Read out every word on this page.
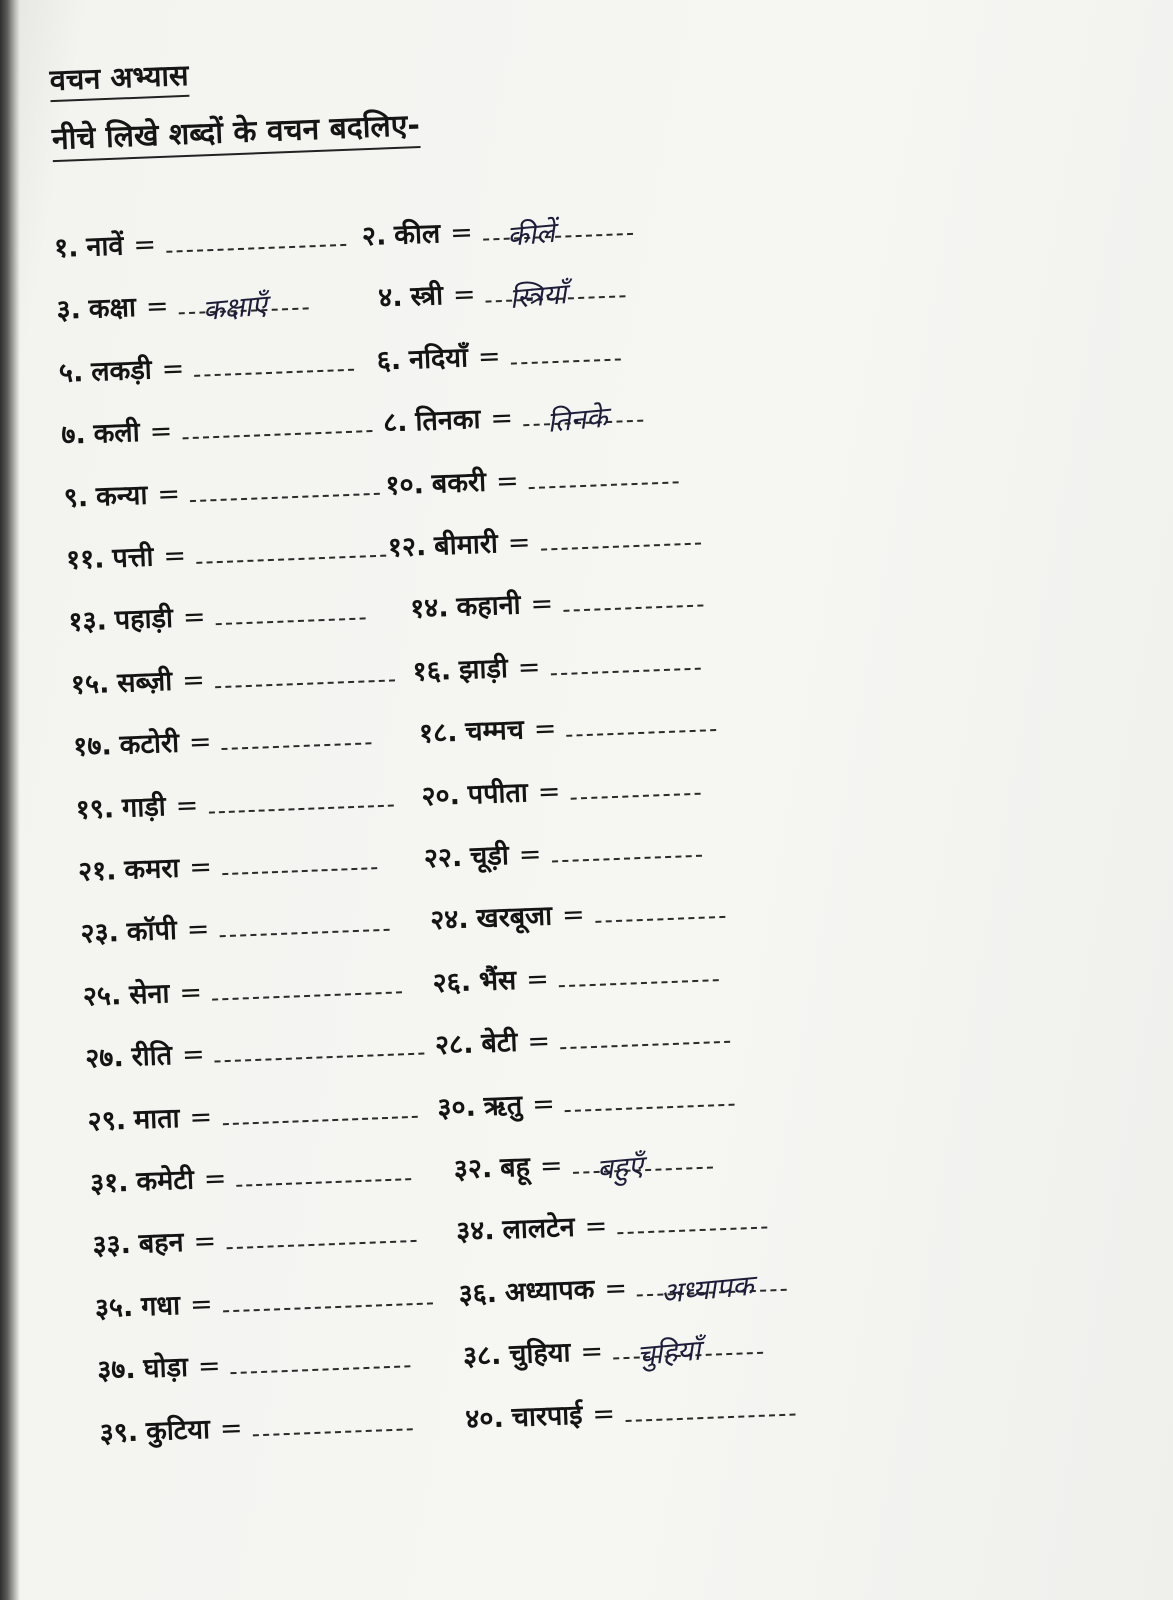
वचन अभ्यास
नीचे लिखे शब्दों के वचन बदलिए-
१. नावें =	२. कील = कीलें
३. कक्षा = कक्षाएँ	४. स्त्री = स्त्रियाँ
५. लकड़ी =	६. नदियाँ =
७. कली =	८. तिनका = तिनके
९. कन्या =	१०. बकरी =
११. पत्ती =	१२. बीमारी =
१३. पहाड़ी =	१४. कहानी =
१५. सब्ज़ी =	१६. झाड़ी =
१७. कटोरी =	१८. चम्मच =
१९. गाड़ी =	२०. पपीता =
२१. कमरा =	२२. चूड़ी =
२३. कॉपी =	२४. खरबूजा =
२५. सेना =	२६. भैंस =
२७. रीति =	२८. बेटी =
२९. माता =	३०. ऋतु =
३१. कमेटी =	३२. बहू = बहुएँ
३३. बहन =	३४. लालटेन =
३५. गधा =	३६. अध्यापक = अध्यापक
३७. घोड़ा =	३८. चुहिया = चुहियाँ
३९. कुटिया =	४०. चारपाई =
